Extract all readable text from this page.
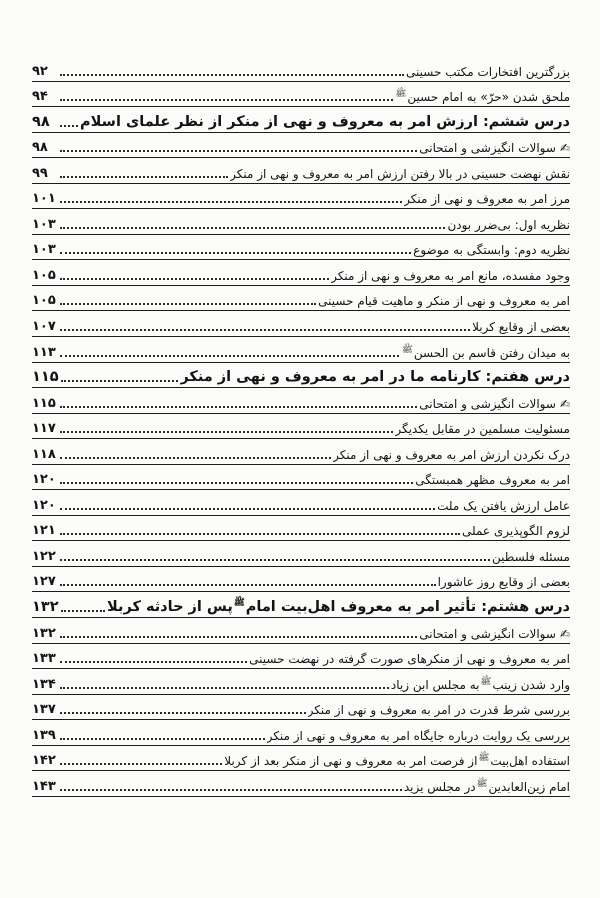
بزرگترین افتخارات مکتب حسینی
۹۲
ملحق شدن «حرّ» به امام حسین$^ﷺ$
۹۴
درس ششم: ارزش امر به معروف و نهی از منکر از نظر علمای اسلام
۹۸
✍سوالات انگیزشی و امتحانی
۹۸
نقش نهضت حسینی در بالا رفتن ارزش امر به معروف و نهی از منکر
۹۹
مرز امر به معروف و نهی از منکر
۱۰۱
نظریه اول: بی‌ضرر بودن
۱۰۳
نظریه دوم: وابستگی به موضوع
۱۰۳
وجود مفسده، مانع امر به معروف و نهی از منکر
۱۰۵
امر به معروف و نهی از منکر و ماهیت قیام حسینی
۱۰۵
بعضی از وقایع کربلا
۱۰۷
به میدان رفتن قاسم بن الحسن$^ﷺ$
۱۱۳
درس هفتم: کارنامه ما در امر به معروف و نهی از منکر
۱۱۵
✍سوالات انگیزشی و امتحانی
۱۱۵
مسئولیت مسلمین در مقابل یکدیگر
۱۱۷
درک نکردن ارزش امر به معروف و نهی از منکر
۱۱۸
امر به معروف مظهر همبستگی
۱۲۰
عامل ارزش یافتن یک ملت
۱۲۰
لزوم الگوپذیری عملی
۱۲۱
مسئله فلسطین
۱۲۲
بعضی از وقایع روز عاشورا
۱۲۷
درس هشتم: تأثیر امر به معروف اهل‌بیت امام$^ﷺ$پس از حادثه کربلا
۱۳۲
✍سوالات انگیزشی و امتحانی
۱۳۲
امر به معروف و نهی از منکرهای صورت گرفته در نهضت حسینی
۱۳۳
وارد شدن زینب$^ﷺ$به مجلس ابن زیاد
۱۳۴
بررسی شرط قدرت در امر به معروف و نهی از منکر
۱۳۷
بررسی یک روایت درباره جایگاه امر به معروف و نهی از منکر
۱۳۹
استفاده اهل‌بیت$^ﷺ$از فرصت امر به معروف و نهی از منکر بعد از کربلا
۱۴۲
امام زین‌العابدین$^ﷺ$در مجلس یزید
۱۴۳
